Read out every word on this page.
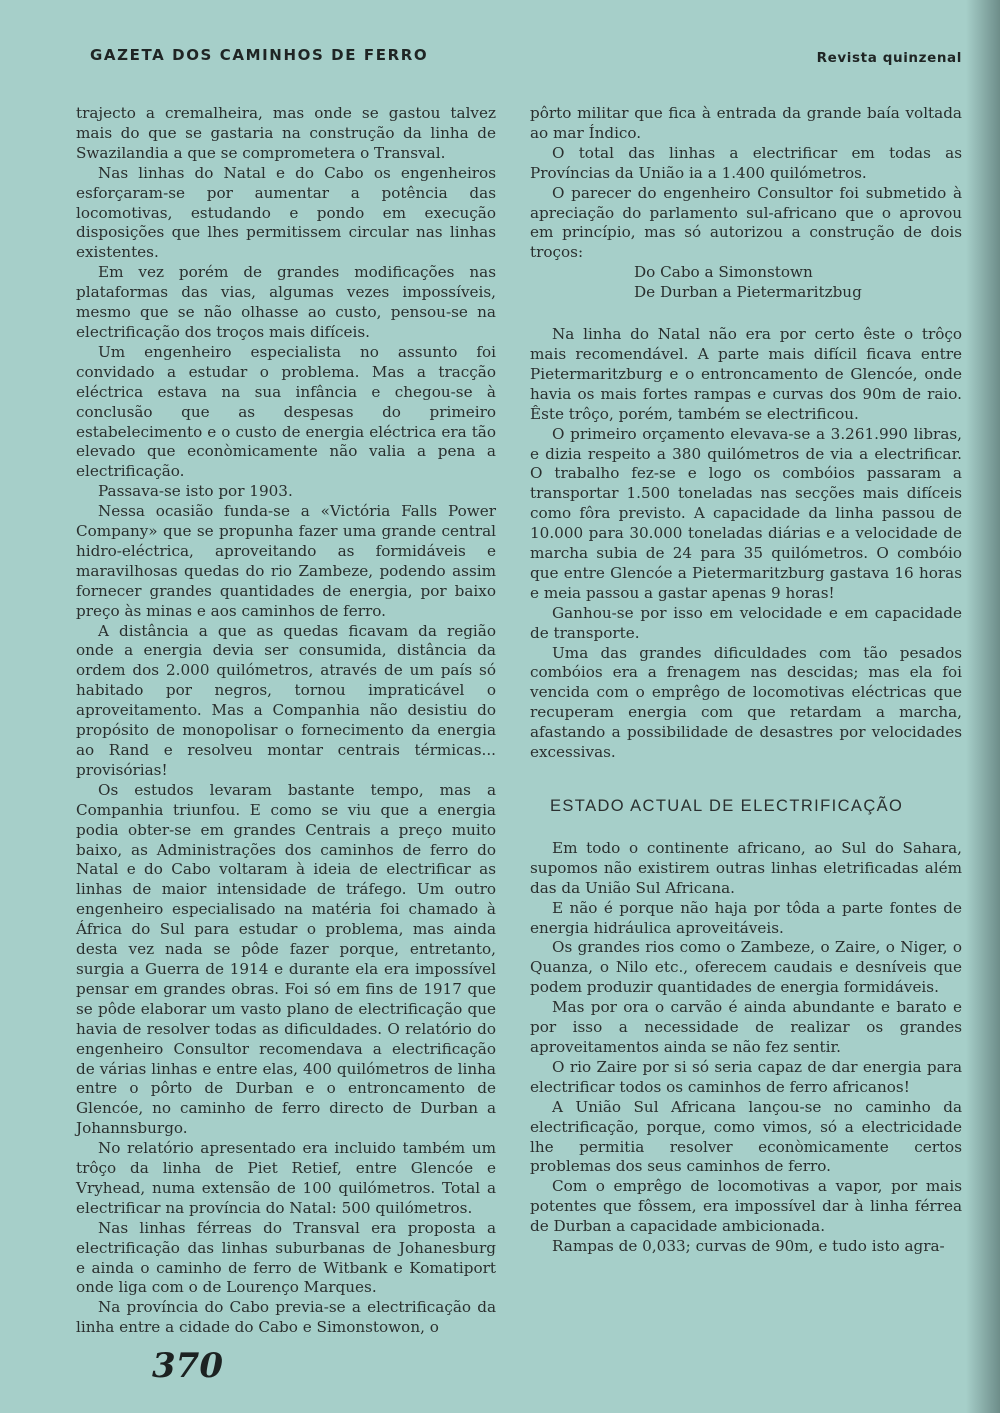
GAZETA DOS CAMINHOS DE FERRO	Revista quinzenal

trajecto a cremalheira, mas onde se gastou talvez mais do que se gastaria na construção da linha de Swazilandia a que se comprometera o Transval.

Nas linhas do Natal e do Cabo os engenheiros esforçaram-se por aumentar a potência das locomotivas, estudando e pondo em execução disposições que lhes permitissem circular nas linhas existentes.

Em vez porém de grandes modificações nas plataformas das vias, algumas vezes impossíveis, mesmo que se não olhasse ao custo, pensou-se na electrificação dos troços mais difíceis.

Um engenheiro especialista no assunto foi convidado a estudar o problema. Mas a tracção eléctrica estava na sua infância e chegou-se à conclusão que as despesas do primeiro estabelecimento e o custo de energia eléctrica era tão elevado que econòmicamente não valia a pena a electrificação.

Passava-se isto por 1903.

Nessa ocasião funda-se a «Victória Falls Power Company» que se propunha fazer uma grande central hidro-eléctrica, aproveitando as formidáveis e maravilhosas quedas do rio Zambeze, podendo assim fornecer grandes quantidades de energia, por baixo preço às minas e aos caminhos de ferro.

A distância a que as quedas ficavam da região onde a energia devia ser consumida, distância da ordem dos 2.000 quilómetros, através de um país só habitado por negros, tornou impraticável o aproveitamento. Mas a Companhia não desistiu do propósito de monopolisar o fornecimento da energia ao Rand e resolveu montar centrais térmicas... provisórias!

Os estudos levaram bastante tempo, mas a Companhia triunfou. E como se viu que a energia podia obter-se em grandes Centrais a preço muito baixo, as Administrações dos caminhos de ferro do Natal e do Cabo voltaram à ideia de electrificar as linhas de maior intensidade de tráfego. Um outro engenheiro especialisado na matéria foi chamado à África do Sul para estudar o problema, mas ainda desta vez nada se pôde fazer porque, entretanto, surgia a Guerra de 1914 e durante ela era impossível pensar em grandes obras. Foi só em fins de 1917 que se pôde elaborar um vasto plano de electrificação que havia de resolver todas as dificuldades. O relatório do engenheiro Consultor recomendava a electrificação de várias linhas e entre elas, 400 quilómetros de linha entre o pôrto de Durban e o entroncamento de Glencóe, no caminho de ferro directo de Durban a Johannsburgo.

No relatório apresentado era incluido também um trôço da linha de Piet Retief, entre Glencóe e Vryhead, numa extensão de 100 quilómetros. Total a electrificar na província do Natal: 500 quilómetros.

Nas linhas férreas do Transval era proposta a electrificação das linhas suburbanas de Johanesburg e ainda o caminho de ferro de Witbank e Komatiport onde liga com o de Lourenço Marques.

Na província do Cabo previa-se a electrificação da linha entre a cidade do Cabo e Simonstowon, o

pôrto militar que fica à entrada da grande baía voltada ao mar Índico.

O total das linhas a electrificar em todas as Províncias da União ia a 1.400 quilómetros.

O parecer do engenheiro Consultor foi submetido à apreciação do parlamento sul-africano que o aprovou em princípio, mas só autorizou a construção de dois troços:

Do Cabo a Simonstown

De Durban a Pietermaritzbug

Na linha do Natal não era por certo êste o trôço mais recomendável. A parte mais difícil ficava entre Pietermaritzburg e o entroncamento de Glencóe, onde havia os mais fortes rampas e curvas dos 90m de raio. Êste trôço, porém, também se electrificou.

O primeiro orçamento elevava-se a 3.261.990 libras, e dizia respeito a 380 quilómetros de via a electrificar. O trabalho fez-se e logo os combóios passaram a transportar 1.500 toneladas nas secções mais difíceis como fôra previsto. A capacidade da linha passou de 10.000 para 30.000 toneladas diárias e a velocidade de marcha subia de 24 para 35 quilómetros. O combóio que entre Glencóe a Pietermaritzburg gastava 16 horas e meia passou a gastar apenas 9 horas!

Ganhou-se por isso em velocidade e em capacidade de transporte.

Uma das grandes dificuldades com tão pesados combóios era a frenagem nas descidas; mas ela foi vencida com o emprêgo de locomotivas eléctricas que recuperam energia com que retardam a marcha, afastando a possibilidade de desastres por velocidades excessivas.

ESTADO ACTUAL DE ELECTRIFICAÇÃO

Em todo o continente africano, ao Sul do Sahara, supomos não existirem outras linhas eletrificadas além das da União Sul Africana.

E não é porque não haja por tôda a parte fontes de energia hidráulica aproveitáveis.

Os grandes rios como o Zambeze, o Zaire, o Niger, o Quanza, o Nilo etc., oferecem caudais e desníveis que podem produzir quantidades de energia formidáveis.

Mas por ora o carvão é ainda abundante e barato e por isso a necessidade de realizar os grandes aproveitamentos ainda se não fez sentir.

O rio Zaire por si só seria capaz de dar energia para electrificar todos os caminhos de ferro africanos!

A União Sul Africana lançou-se no caminho da electrificação, porque, como vimos, só a electricidade lhe permitia resolver econòmicamente certos problemas dos seus caminhos de ferro.

Com o emprêgo de locomotivas a vapor, por mais potentes que fôssem, era impossível dar à linha férrea de Durban a capacidade ambicionada.

Rampas de 0,033; curvas de 90m, e tudo isto agra-

370
